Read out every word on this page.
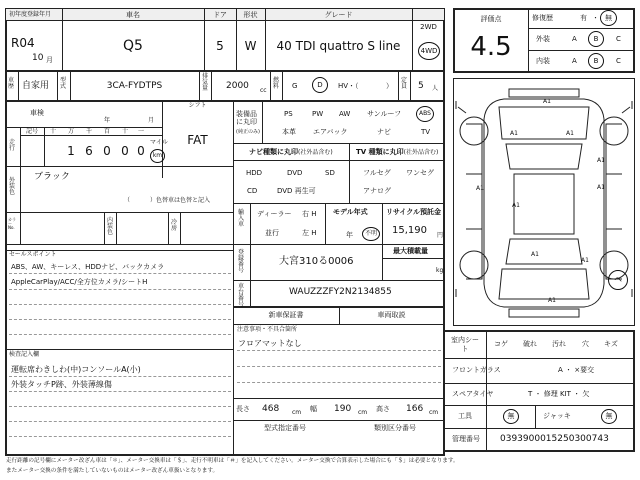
初年度登録年月
R04
10 月
車名
Q5
ドア
5
形状
W
グレード
40 TDI quattro S line
2WD
4WD
車歴 自家用
型式	3CA-FYDTPS
排気量 2000 cc
燃料 G	D HV・（	）
定員 5 人
車検
年	月
シフト
FAT
走行
記号	十	万	千	百	十	一
1 6 0 0 0
マイル
km
外装色
ブラック
（	）色替車は色替と記入
カラー No.
内装色
冷房
セールスポイント
ABS、AW、キーレス、HDDナビ、バックカメラ
AppleCarPlay/ACC/全方位カメラ/シートH
検査記入欄
運転席わきしわ(中)コンソールA(小)
外装タッチP跡、外装薄線傷
装備品に丸印
(純正のみ)
PS	PW AW サンルーフ	ABS
本革 エアバック	ナビ	TV
ナビ種類に丸印(社外品含む)
HDD	DVD	SD
CD	DVD 再生可
TV 種類に丸印(社外品含む)
フルセグ ワンセグ
アナログ
輸入車
ディーラー
並行
右 H
左 H
モデル年式
年 不明
リサイクル預託金
15,190 円
登録番号
大宮310る0006
最大積載量
kg
車台番号
WAUZZZFY2N2134855
新車保証書	車両取説
注意事項・不具合箇所
フロアマットなし
長さ 468 cm 幅 190 cm 高さ 166 cm
型式指定番号	類別区分番号
評価点
4.5
修復歴	有 ・ 無
外装	A B	C
内装	A B	C
A1
A1	A1
A1
A1
A1
A1
A1
A1
A1
ヘ
室内シート
コゲ 破れ 汚れ 穴 キズ
フロントガラス	A ・ ×要交
スペアタイヤ	T ・ 修理 KIT ・ 欠
工具	無	ジャッキ	無
管理番号 0393900015250300743
走行距離の記号欄にメーター改ざん車は「＊」、メーター交換車は「＄」、走行不明車は「＃」を記入してください。メーター交換で合算表示した場合にも「＄」は必要となります。
またメーター交換の条件を満たしていないものはメーター改ざん車扱いとなります。
